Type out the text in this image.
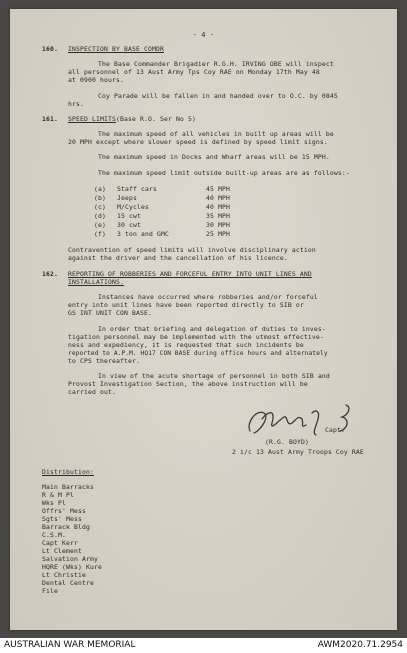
- 4 -
160. INSPECTION BY BASE COMDR
The Base Commander Brigadier R.G.H. IRVING OBE will inspect
all personnel of 13 Aust Army Tps Coy RAE on Monday 17th May 48
at 0900 hours.
Coy Parade will be fallen in and handed over to O.C. by 0845
hrs.
161. SPEED LIMITS (Base R.O. Ser No 5)
The maximum speed of all vehicles in built up areas will be
20 MPH except where slower speed is defined by speed limit signs.
The maximum speed in Docks and Wharf areas will be 15 MPH.
The maximum speed limit outside built-up areas are as follows:-
(a) Staff cars	45 MPH
(b) Jeeps	40 MPH
(c) M/Cycles	40 MPH
(d) 15 cwt	35 MPH
(e) 30 cwt	30 MPH
(f) 3 ton and GMC	25 MPH
Contravention of speed limits will involve disciplinary action
against the driver and the cancellation of his licence.
162. REPORTING OF ROBBERIES AND FORCEFUL ENTRY INTO UNIT LINES AND
INSTALLATIONS.
Instances have occurred where robberies and/or forceful
entry into unit lines have been reported directly to SIB or
GS INT UNIT CON BASE.
In order that briefing and delegation of duties to inves-
tigation personnel may be implemented with the utmost effective-
ness and expediency, it is requested that such incidents be
reported to A.P.M. HQ17 CON BASE during office hours and alternately
to CPS thereafter.
In view of the acute shortage of personnel in both SIB and
Provost Investigation Section, the above instruction will be
carried out.
Capt.
(R.G. BOYD)
2 i/c 13 Aust Army Troops Coy RAE
Distribution:
Main Barracks
R & M Pl
Wks Pl
Offrs' Mess
Sgts' Mess
Barrack Bldg
C.S.M.
Capt Kerr
Lt Clement
Salvation Army
HQRE (Wks) Kure
Lt Christie
Dental Centre
File
AUSTRALIAN WAR MEMORIAL	AWM2020.71.2954
